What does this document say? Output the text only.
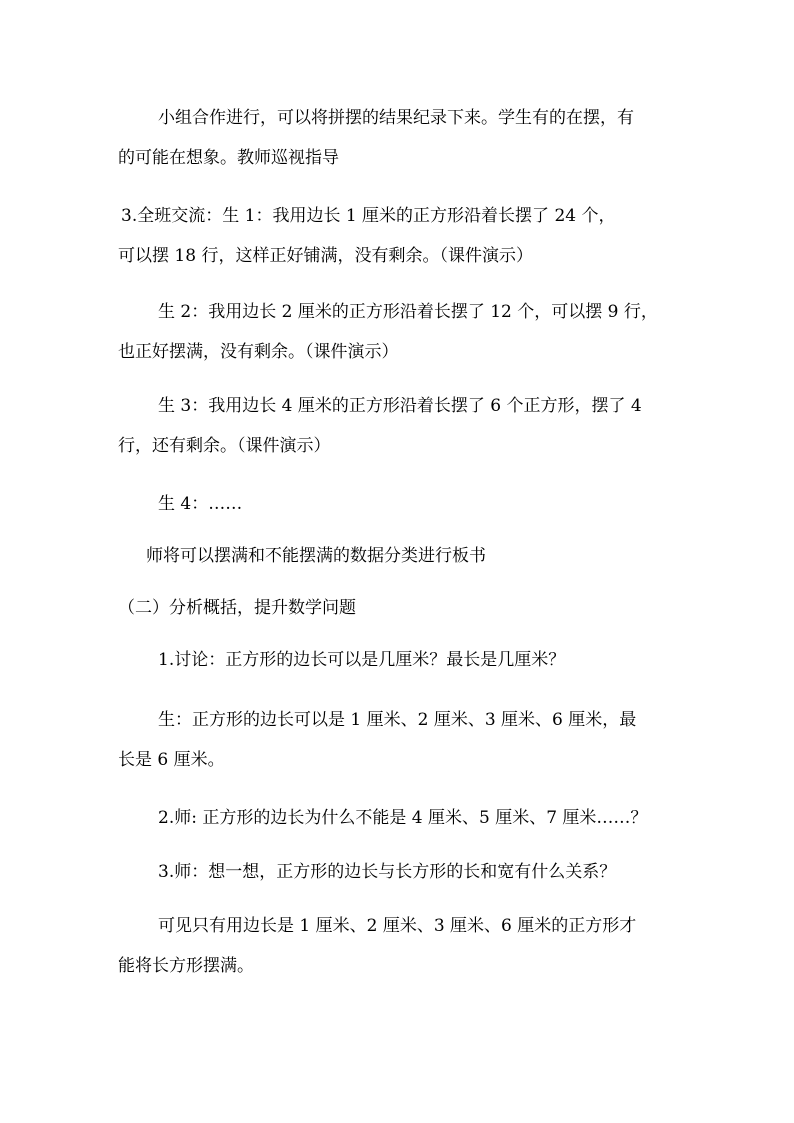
小组合作进行，可以将拼摆的结果纪录下来。学生有的在摆，有
的可能在想象。教师巡视指导
3.全班交流：生 1：我用边长 1 厘米的正方形沿着长摆了 24 个，
可以摆 18 行，这样正好铺满，没有剩余。（课件演示）
生 2：我用边长 2 厘米的正方形沿着长摆了 12 个，可以摆 9 行，
也正好摆满，没有剩余。（课件演示）
生 3：我用边长 4 厘米的正方形沿着长摆了 6 个正方形，摆了 4
行，还有剩余。（课件演示）
生 4：……
师将可以摆满和不能摆满的数据分类进行板书
（二）分析概括，提升数学问题
1.讨论：正方形的边长可以是几厘米？最长是几厘米？
生：正方形的边长可以是 1 厘米、2 厘米、3 厘米、6 厘米，最
长是 6 厘米。
2.师: 正方形的边长为什么不能是 4 厘米、5 厘米、7 厘米……？
3.师：想一想，正方形的边长与长方形的长和宽有什么关系？
可见只有用边长是 1 厘米、2 厘米、3 厘米、6 厘米的正方形才
能将长方形摆满。
